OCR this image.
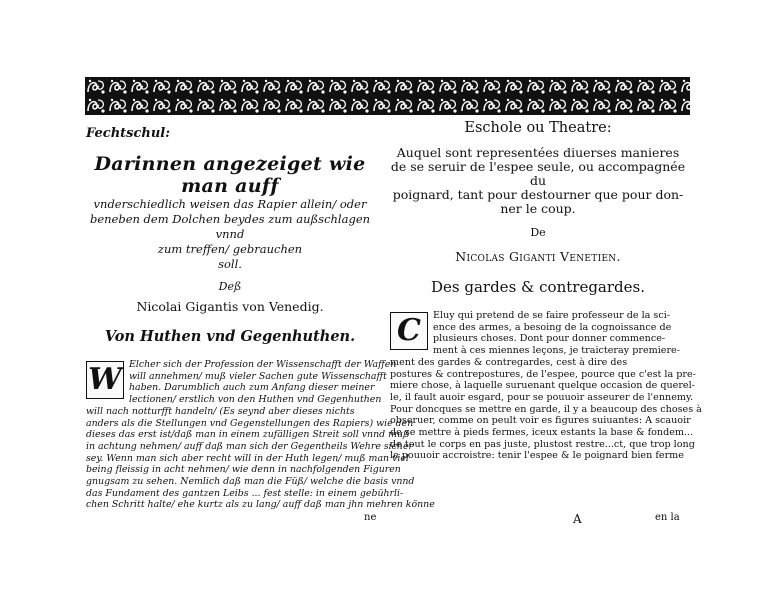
Fechtschul:
Darinnen angezeiget wie man auff
vnderschiedlich weisen das Rapier allein/ oder
beneben dem Dolchen beydes zum außschlagen vnnd
zum treffen/ gebrauchen
soll.
Deß
Nicolai Gigantis von Venedig.
Von Huthen vnd Gegenhuthen.
W Elcher sich der Profession der Wissenschafft der Waffen
will annehmen/ muß vieler Sachen gute Wissenschafft
haben. Darumblich auch zum Anfang dieser meiner
lectionen/ erstlich von den Huthen vnd Gegenhuthen
will nach notturfft handeln/ (Es seynd aber dieses nichts
anders als die Stellungen vnd Gegenstellungen des Rapiers) wie den
dieses das erst ist/daß man in einem zufälligen Streit soll vnnd muß
in achtung nehmen/ auff daß man sich der Gegentheils Wehre sicher
sey. Wenn man sich aber recht will in der Huth legen/ muß man viel
being fleissig in acht nehmen/ wie denn in nachfolgenden Figuren
gnugsam zu sehen. Nemlich daß man die Füß/ welche die basis vnnd
das Fundament des gantzen Leibs ... fest stelle: in einem gebührli-
chen Schritt halte/ ehe kurtz als zu lang/ auff daß man jhn mehren könne
ne
Eschole ou Theatre:
Auquel sont representées diuerses manieres
de se seruir de l'espee seule, ou accompagnée du
poignard, tant pour destourner que pour don-
ner le coup.
De
Nicolas Giganti Venetien.
Des gardes & contregardes.
C	Eluy qui pretend de se faire professeur de la sci-
ence des armes, a besoing de la cognoissance de
plusieurs choses. Dont pour donner commence-
ment à ces miennes leçons, je traicteray premiere-
ment des gardes & contregardes, cest à dire des
postures & contrepostures, de l'espee, pource que c'est la pre-
miere chose, à laquelle suruenant quelque occasion de querel-
le, il fault auoir esgard, pour se pouuoir asseurer de l'ennemy.
Pour doncques se mettre en garde, il y a beaucoup des choses à
obseruer, comme on peult voir es figures suiuantes: A scauoir
de se mettre à pieds fermes, iceux estants la base & fondem...
de tout le corps en pas juste, plustost restre...ct, que trop long
le pouuoir accroistre: tenir l'espee & le poignard bien ferme
A	en la
